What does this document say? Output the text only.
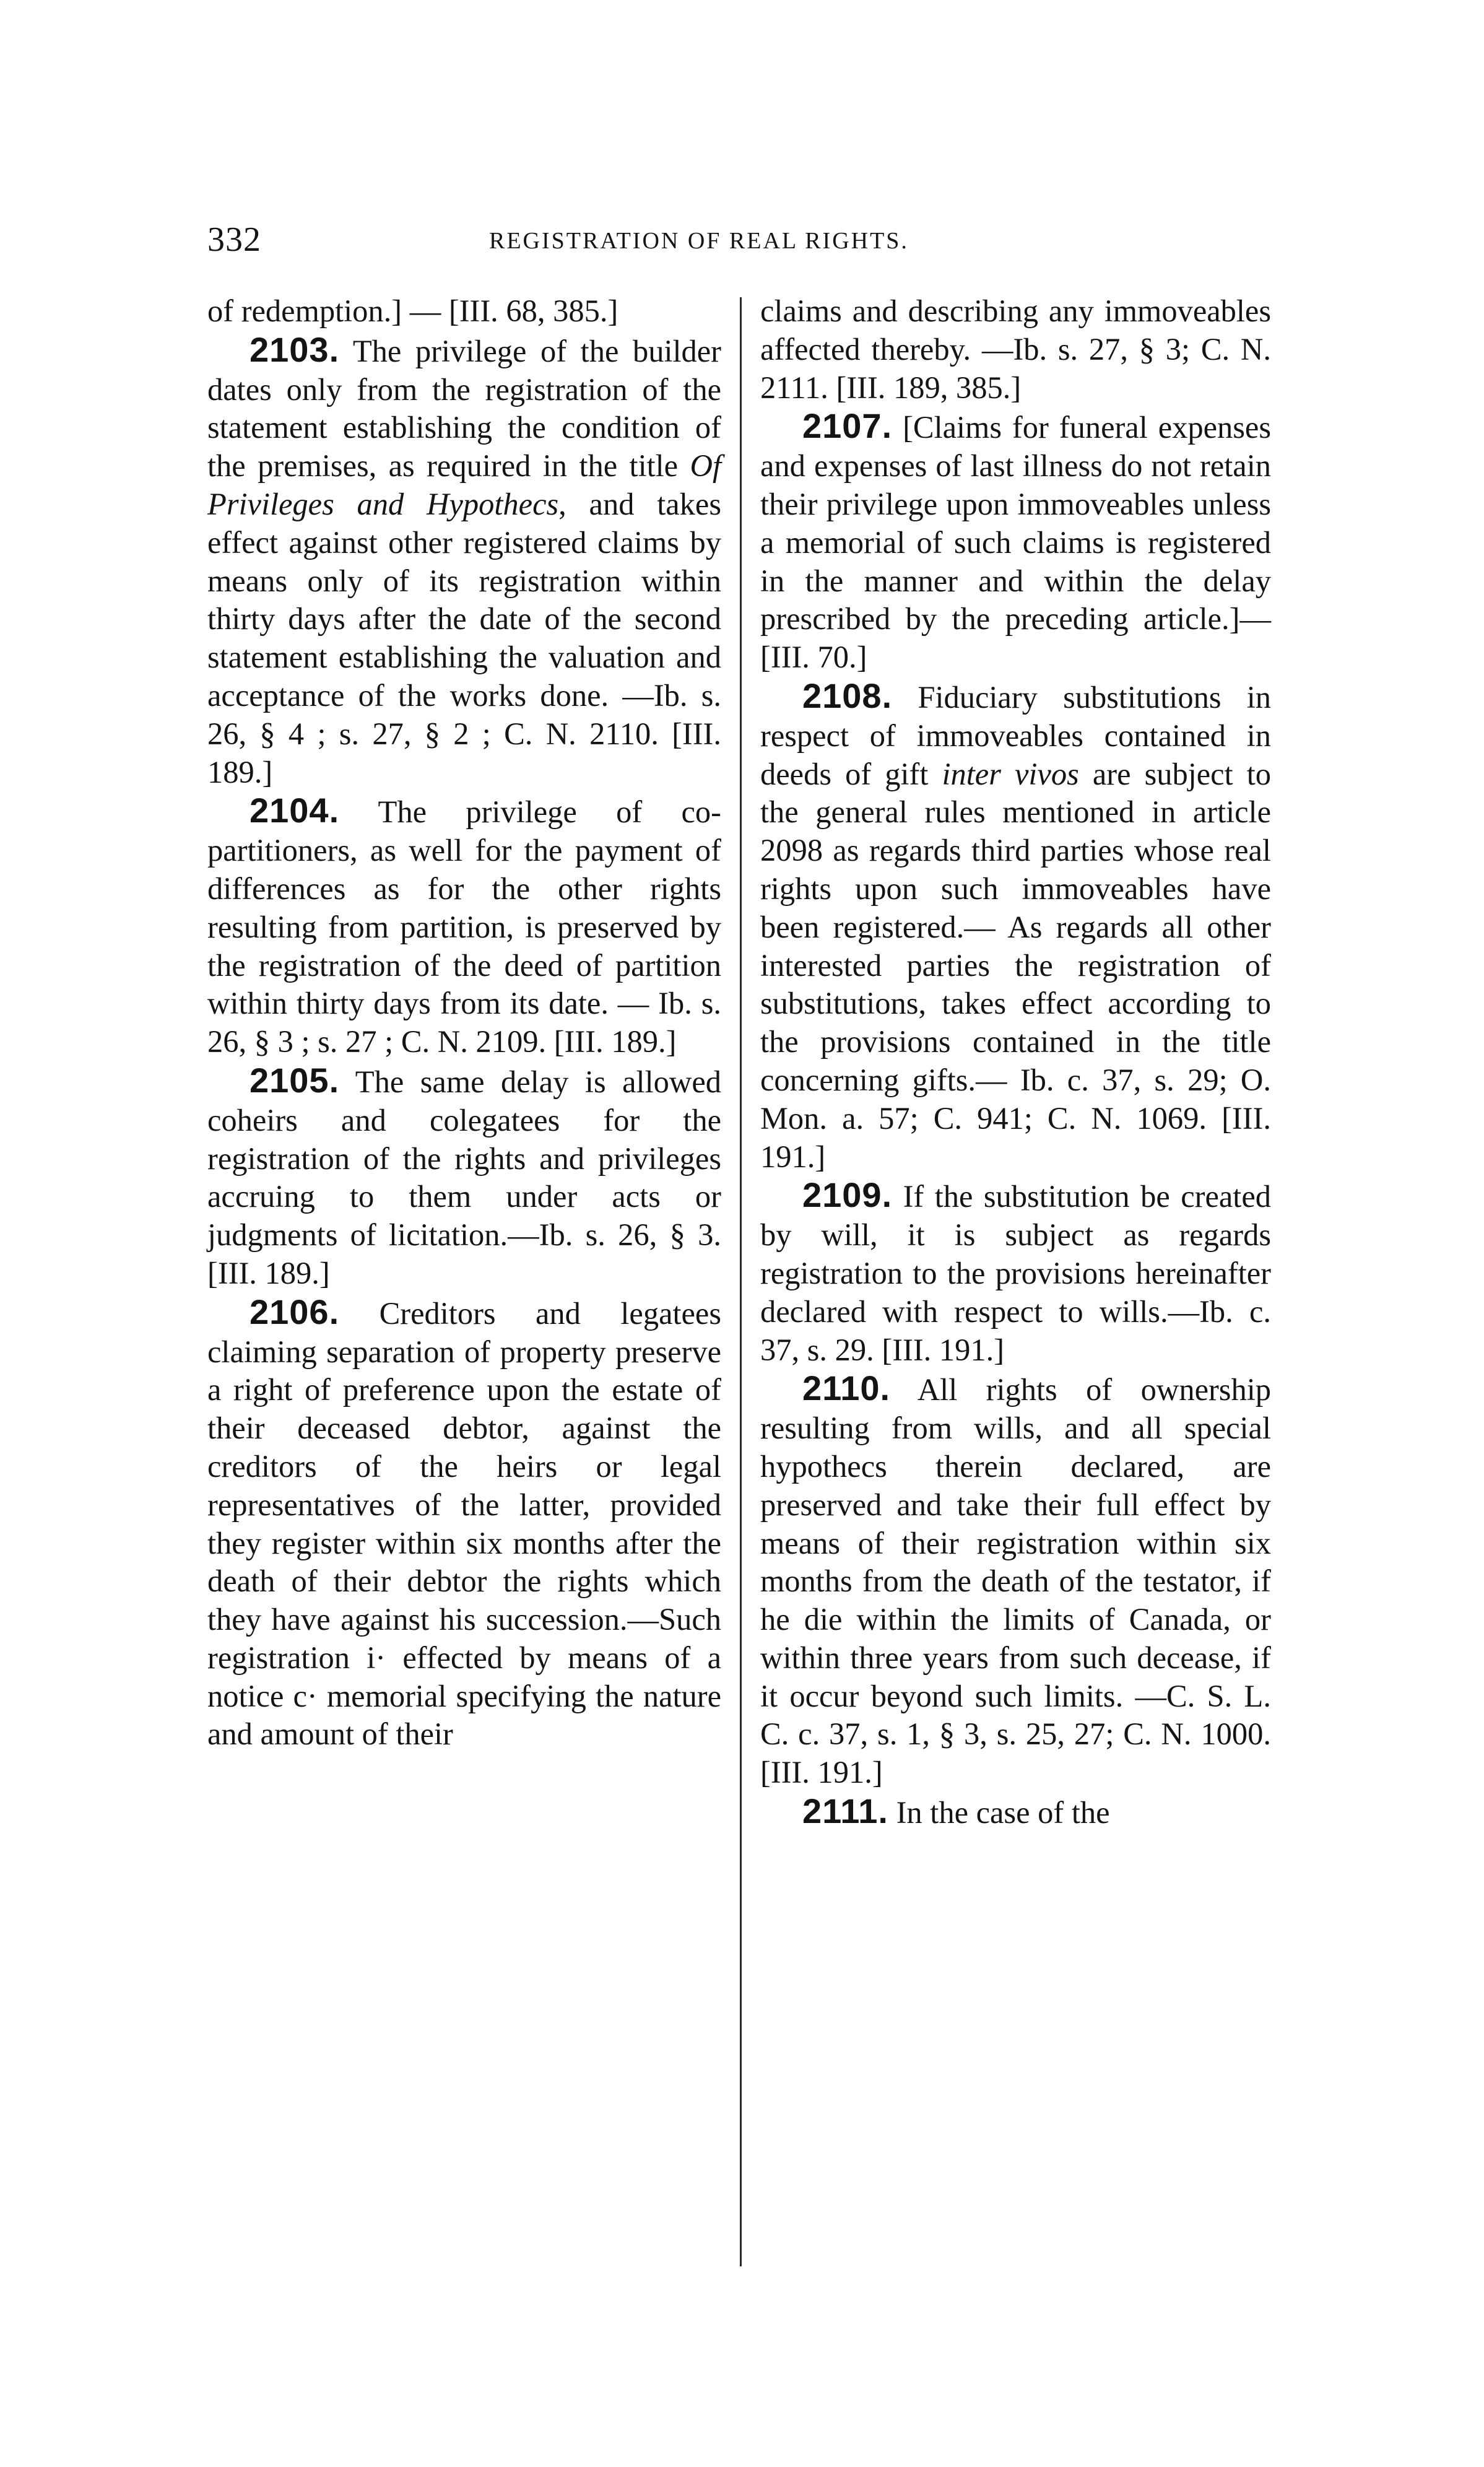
332	REGISTRATION OF REAL RIGHTS.

of redemption.] — [III. 68, 385.]

2103. The privilege of the builder dates only from the registration of the statement establishing the condition of the premises, as required in the title Of Privileges and Hypothecs, and takes effect against other registered claims by means only of its registration within thirty days after the date of the second statement establishing the valuation and acceptance of the works done. —Ib. s. 26, § 4 ; s. 27, § 2 ; C. N. 2110. [III. 189.]

2104. The privilege of co-partitioners, as well for the payment of differences as for the other rights resulting from partition, is preserved by the registration of the deed of partition within thirty days from its date. — Ib. s. 26, § 3 ; s. 27 ; C. N. 2109. [III. 189.]

2105. The same delay is allowed coheirs and colegatees for the registration of the rights and privileges accruing to them under acts or judgments of licitation.—Ib. s. 26, § 3. [III. 189.]

2106. Creditors and legatees claiming separation of property preserve a right of preference upon the estate of their deceased debtor, against the creditors of the heirs or legal representatives of the latter, provided they register within six months after the death of their debtor the rights which they have against his succession.—Such registration i· effected by means of a notice c· memorial specifying the nature and amount of their

claims and describing any immoveables affected thereby. —Ib. s. 27, § 3; C. N. 2111. [III. 189, 385.]

2107. [Claims for funeral expenses and expenses of last illness do not retain their privilege upon immoveables unless a memorial of such claims is registered in the manner and within the delay prescribed by the preceding article.]—[III. 70.]

2108. Fiduciary substitutions in respect of immoveables contained in deeds of gift inter vivos are subject to the general rules mentioned in article 2098 as regards third parties whose real rights upon such immoveables have been registered.— As regards all other interested parties the registration of substitutions, takes effect according to the provisions contained in the title concerning gifts.— Ib. c. 37, s. 29; O. Mon. a. 57; C. 941; C. N. 1069. [III. 191.]

2109. If the substitution be created by will, it is subject as regards registration to the provisions hereinafter declared with respect to wills.—Ib. c. 37, s. 29. [III. 191.]

2110. All rights of ownership resulting from wills, and all special hypothecs therein declared, are preserved and take their full effect by means of their registration within six months from the death of the testator, if he die within the limits of Canada, or within three years from such decease, if it occur beyond such limits. —C. S. L. C. c. 37, s. 1, § 3, s. 25, 27; C. N. 1000. [III. 191.]

2111. In the case of the
